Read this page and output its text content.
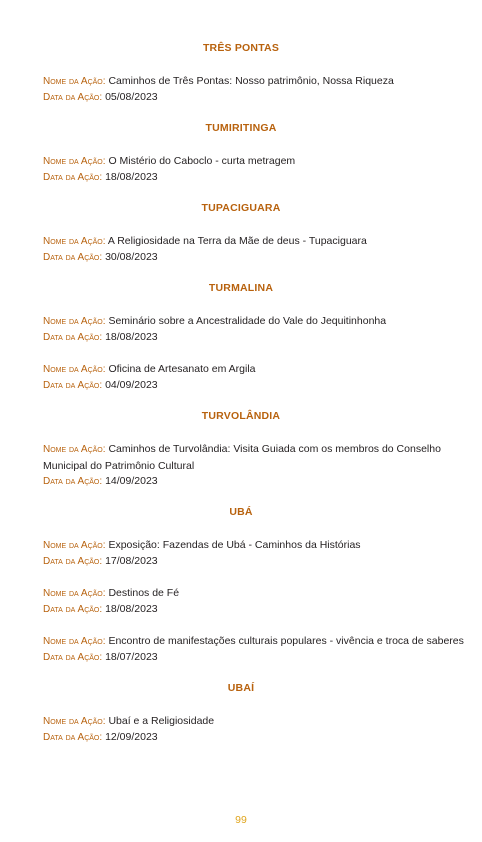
TRÊS PONTAS
Nome da Ação: Caminhos de Três Pontas: Nosso patrimônio, Nossa Riqueza
Data da Ação: 05/08/2023
TUMIRITINGA
Nome da Ação: O Mistério do Caboclo - curta metragem
Data da Ação: 18/08/2023
TUPACIGUARA
Nome da Ação: A Religiosidade na Terra da Mãe de deus - Tupaciguara
Data da Ação: 30/08/2023
TURMALINA
Nome da Ação: Seminário sobre a Ancestralidade do Vale do Jequitinhonha
Data da Ação: 18/08/2023
Nome da Ação: Oficina de Artesanato em Argila
Data da Ação: 04/09/2023
TURVOLÂNDIA
Nome da Ação: Caminhos de Turvolândia: Visita Guiada com os membros do Conselho Municipal do Patrimônio Cultural
Data da Ação: 14/09/2023
UBÁ
Nome da Ação: Exposição: Fazendas de Ubá - Caminhos da Histórias
Data da Ação: 17/08/2023
Nome da Ação: Destinos de Fé
Data da Ação: 18/08/2023
Nome da Ação: Encontro de manifestações culturais populares - vivência e troca de saberes
Data da Ação: 18/07/2023
UBAÍ
Nome da Ação: Ubaí e a Religiosidade
Data da Ação: 12/09/2023
99
